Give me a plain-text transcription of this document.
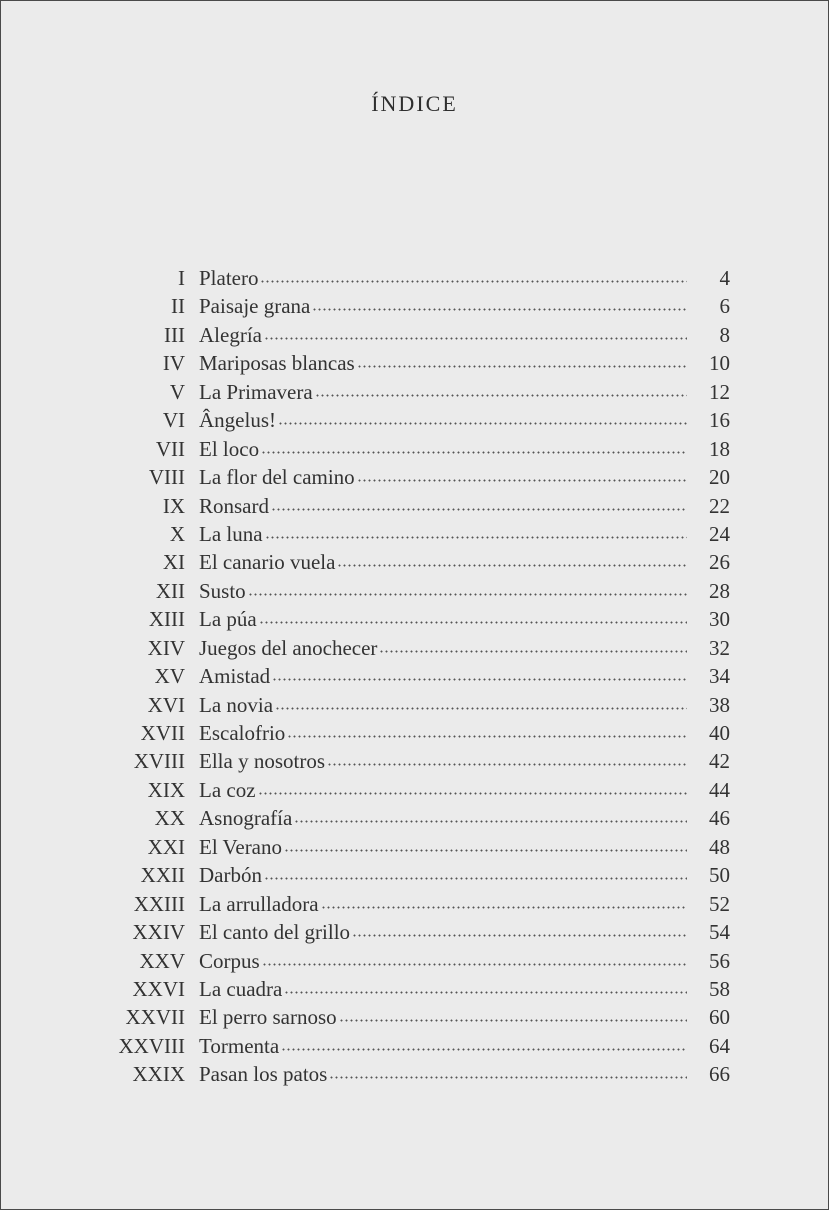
ÍNDICE
I Platero	4
II Paisaje grana	6
III Alegría	8
IV Mariposas blancas	10
V La Primavera	12
VI Ângelus!	16
VII El loco	18
VIII La flor del camino	20
IX Ronsard	22
X La luna	24
XI El canario vuela	26
XII Susto	28
XIII La púa	30
XIV Juegos del anochecer	32
XV Amistad	34
XVI La novia	38
XVII Escalofrio	40
XVIII Ella y nosotros	42
XIX La coz	44
XX Asnografía	46
XXI El Verano	48
XXII Darbón	50
XXIII La arrulladora	52
XXIV El canto del grillo	54
XXV Corpus	56
XXVI La cuadra	58
XXVII El perro sarnoso	60
XXVIII Tormenta	64
XXIX Pasan los patos	66
